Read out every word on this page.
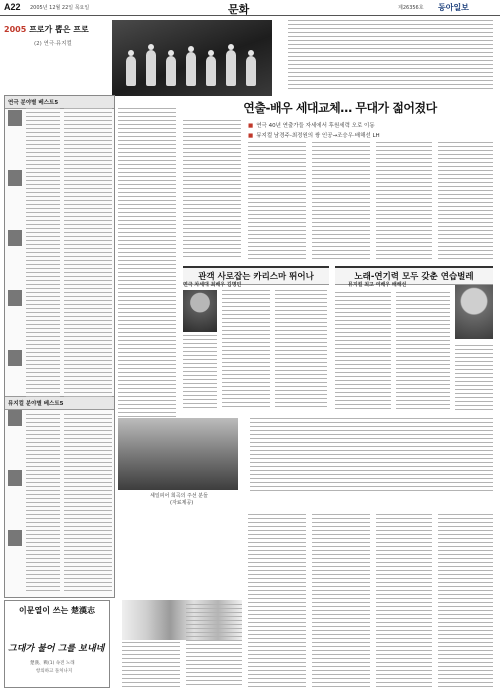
A22 2005년 12월 22일 목요일	문화	제26356호 동아일보
2005 프로가 뽑은 프로
(2) 연극·뮤지컬
연극 분야별 베스트5
뮤지컬 분야별 베스트5
연출-배우 세대교체… 무대가 젊어졌다
■ 연극 40년 연출가들 자세에서 후원세력 오로 이동
■ 뮤지컬 남경주-최정원의 쌍 인공→조승우·배해선 LH
관객 사로잡는 카리스마 뛰어나
연극 차세대 최배우 김명민
노래-연기력 모두 갖춘 연습벌레
뮤지컬 최고 여배우 배해선
셰일피어 희곡의 주선 분들
(자료제공)
이문열이 쓰는 楚漢志
그대가 불어 그를 보내네
楚漢、戰(1) 속전 노래
항의하고 돌처나지
